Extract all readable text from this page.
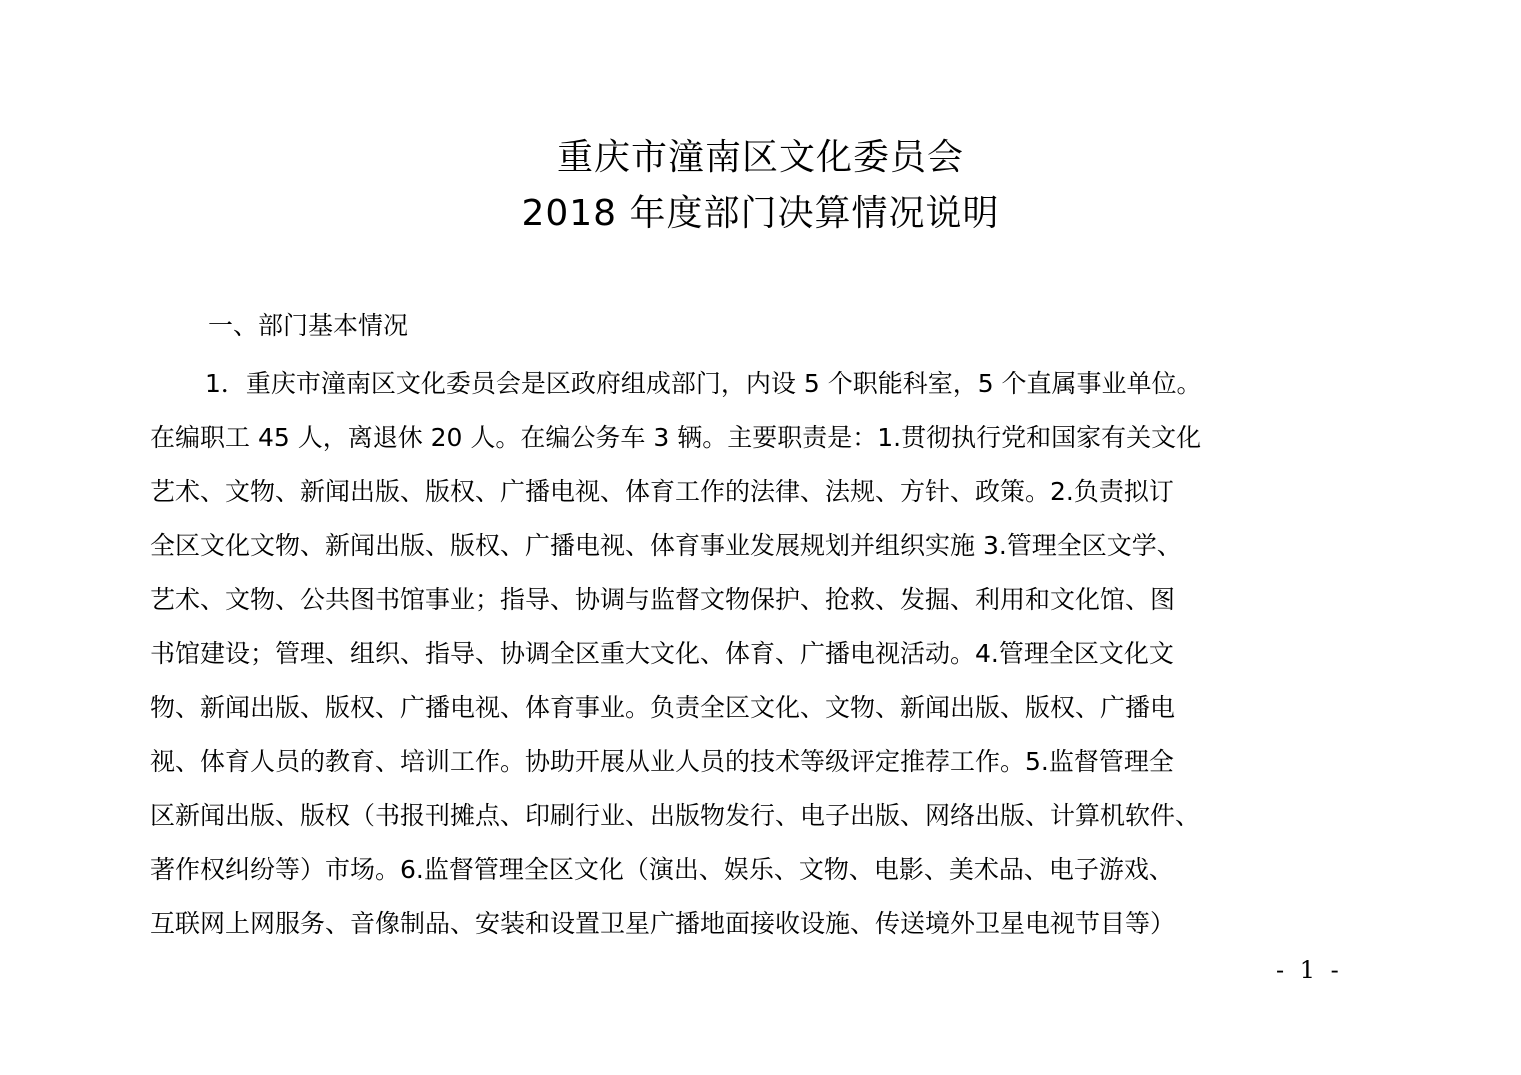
重庆市潼南区文化委员会
2018 年度部门决算情况说明
一、部门基本情况
1．重庆市潼南区文化委员会是区政府组成部门，内设 5 个职能科室，5 个直属事业单位。
在编职工 45 人，离退休 20 人。在编公务车 3 辆。主要职责是：1.贯彻执行党和国家有关文化
艺术、文物、新闻出版、版权、广播电视、体育工作的法律、法规、方针、政策。2.负责拟订
全区文化文物、新闻出版、版权、广播电视、体育事业发展规划并组织实施 3.管理全区文学、
艺术、文物、公共图书馆事业；指导、协调与监督文物保护、抢救、发掘、利用和文化馆、图
书馆建设；管理、组织、指导、协调全区重大文化、体育、广播电视活动。4.管理全区文化文
物、新闻出版、版权、广播电视、体育事业。负责全区文化、文物、新闻出版、版权、广播电
视、体育人员的教育、培训工作。协助开展从业人员的技术等级评定推荐工作。5.监督管理全
区新闻出版、版权（书报刊摊点、印刷行业、出版物发行、电子出版、网络出版、计算机软件、
著作权纠纷等）市场。6.监督管理全区文化（演出、娱乐、文物、电影、美术品、电子游戏、
互联网上网服务、音像制品、安装和设置卫星广播地面接收设施、传送境外卫星电视节目等）
- 1 -
